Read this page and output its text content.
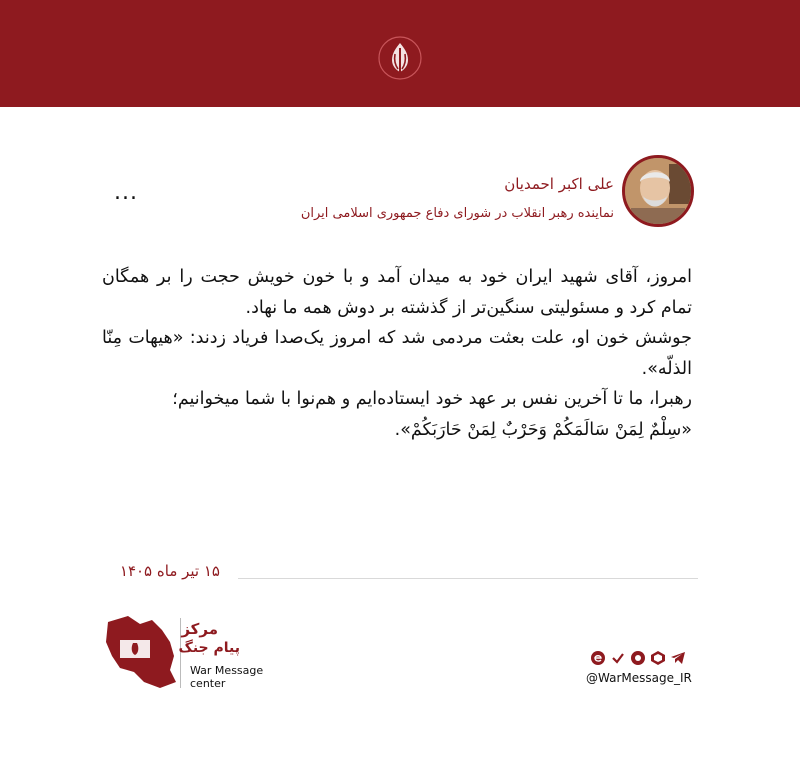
علی اکبر احمدیان
نماینده رهبر انقلاب در شورای دفاع جمهوری اسلامی ایران
...

امروز، آقای شهید ایران خود به میدان آمد و با خون خویش حجت را بر همگان تمام کرد و مسئولیتی سنگین‌تر از گذشته بر دوش همه ما نهاد.

جوشش خون او، علت بعثت مردمی شد که امروز یک‌صدا فریاد زدند: «هیهات مِنّا الذلّه».

رهبرا، ما تا آخرین نفس بر عهد خود ایستاده‌ایم و هم‌نوا با شما میخوانیم؛

«سِلْمٌ لِمَنْ سَالَمَکُمْ وَحَرْبٌ لِمَنْ حَارَبَکُمْ».

۱۵ تیر ماه ۱۴۰۵
مرکز
پیام جنگ
War Message
center	@WarMessage_IR
